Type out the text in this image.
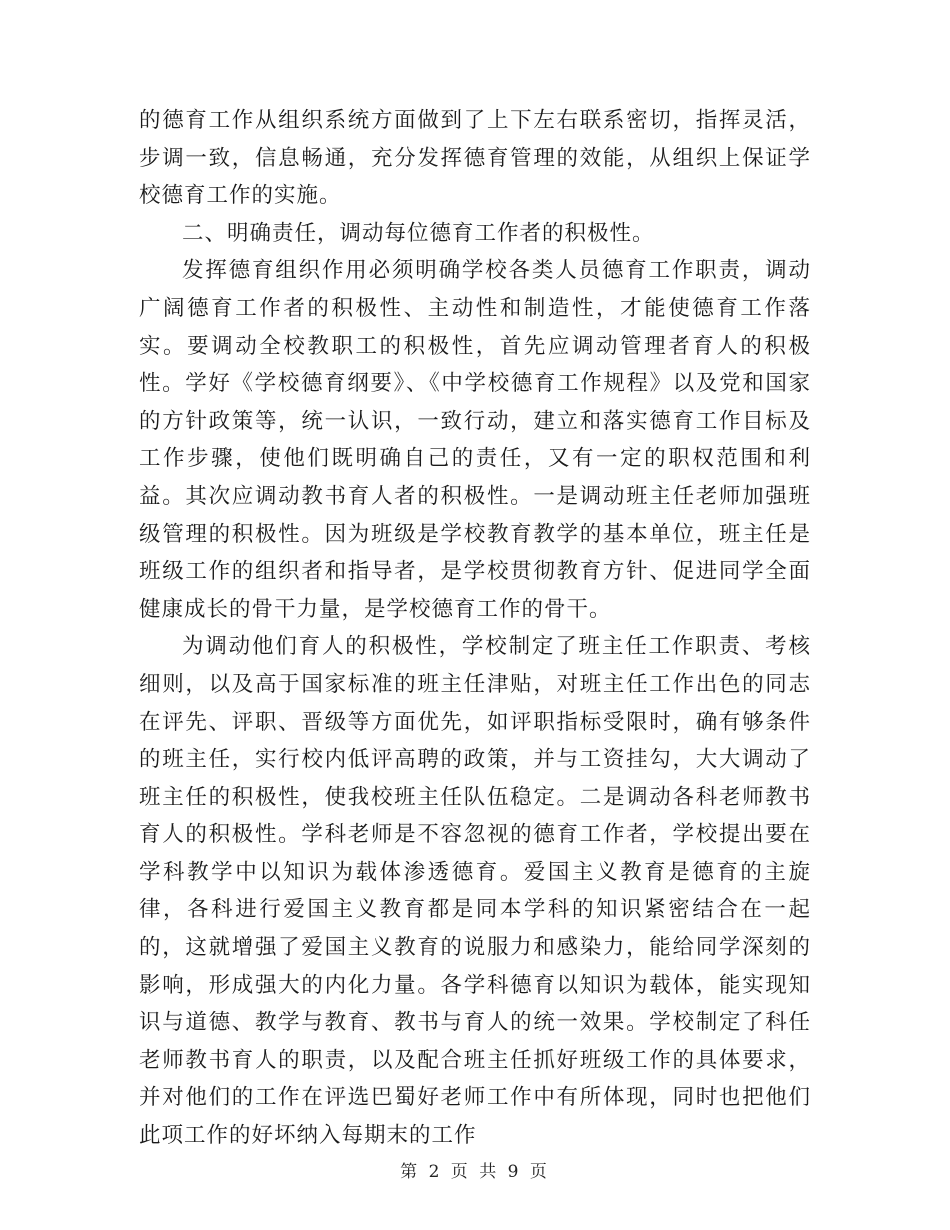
的德育工作从组织系统方面做到了上下左右联系密切，指挥灵活，步调一致，信息畅通，充分发挥德育管理的效能，从组织上保证学校德育工作的实施。

二、明确责任，调动每位德育工作者的积极性。

发挥德育组织作用必须明确学校各类人员德育工作职责，调动广阔德育工作者的积极性、主动性和制造性，才能使德育工作落实。要调动全校教职工的积极性，首先应调动管理者育人的积极性。学好《学校德育纲要》、《中学校德育工作规程》以及党和国家的方针政策等，统一认识，一致行动，建立和落实德育工作目标及工作步骤，使他们既明确自己的责任，又有一定的职权范围和利益。其次应调动教书育人者的积极性。一是调动班主任老师加强班级管理的积极性。因为班级是学校教育教学的基本单位，班主任是班级工作的组织者和指导者，是学校贯彻教育方针、促进同学全面健康成长的骨干力量，是学校德育工作的骨干。

为调动他们育人的积极性，学校制定了班主任工作职责、考核细则，以及高于国家标准的班主任津贴，对班主任工作出色的同志在评先、评职、晋级等方面优先，如评职指标受限时，确有够条件的班主任，实行校内低评高聘的政策，并与工资挂勾，大大调动了班主任的积极性，使我校班主任队伍稳定。二是调动各科老师教书育人的积极性。学科老师是不容忽视的德育工作者，学校提出要在学科教学中以知识为载体渗透德育。爱国主义教育是德育的主旋律，各科进行爱国主义教育都是同本学科的知识紧密结合在一起的，这就增强了爱国主义教育的说服力和感染力，能给同学深刻的影响，形成强大的内化力量。各学科德育以知识为载体，能实现知识与道德、教学与教育、教书与育人的统一效果。学校制定了科任老师教书育人的职责，以及配合班主任抓好班级工作的具体要求，并对他们的工作在评选巴蜀好老师工作中有所体现，同时也把他们此项工作的好坏纳入每期末的工作

第 2 页 共 9 页
